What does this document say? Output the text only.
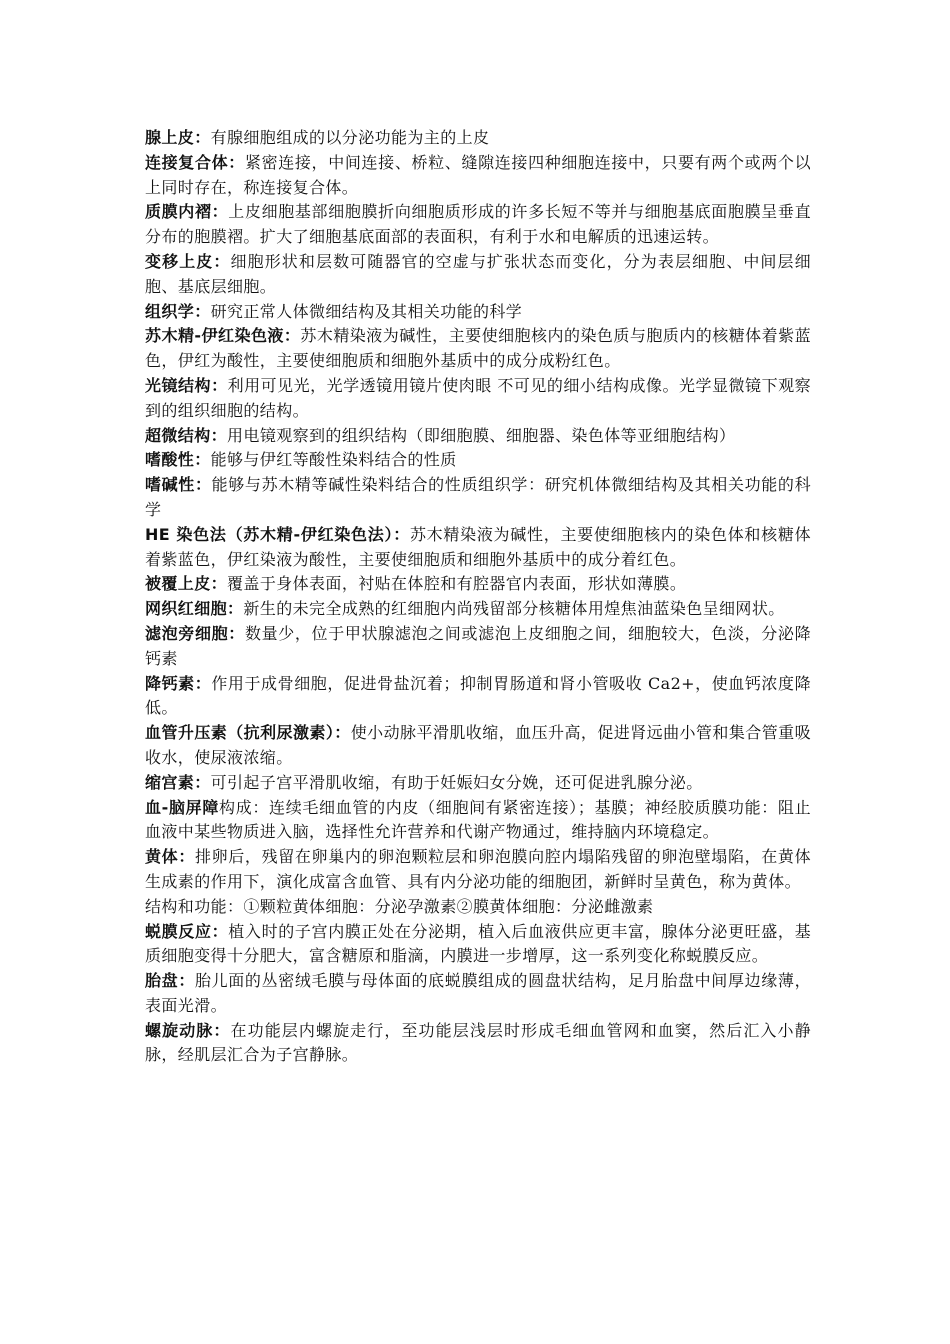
腺上皮：有腺细胞组成的以分泌功能为主的上皮

连接复合体：紧密连接，中间连接、桥粒、缝隙连接四种细胞连接中，只要有两个或两个以上同时存在，称连接复合体。

质膜内褶：上皮细胞基部细胞膜折向细胞质形成的许多长短不等并与细胞基底面胞膜呈垂直分布的胞膜褶。扩大了细胞基底面部的表面积，有利于水和电解质的迅速运转。

变移上皮：细胞形状和层数可随器官的空虚与扩张状态而变化，分为表层细胞、中间层细胞、基底层细胞。

组织学：研究正常人体微细结构及其相关功能的科学

苏木精-伊红染色液：苏木精染液为碱性，主要使细胞核内的染色质与胞质内的核糖体着紫蓝色，伊红为酸性，主要使细胞质和细胞外基质中的成分成粉红色。

光镜结构：利用可见光，光学透镜用镜片使肉眼 不可见的细小结构成像。光学显微镜下观察到的组织细胞的结构。

超微结构：用电镜观察到的组织结构（即细胞膜、细胞器、染色体等亚细胞结构）

嗜酸性：能够与伊红等酸性染料结合的性质

嗜碱性：能够与苏木精等碱性染料结合的性质组织学：研究机体微细结构及其相关功能的科学

HE 染色法（苏木精-伊红染色法）：苏木精染液为碱性，主要使细胞核内的染色体和核糖体着紫蓝色，伊红染液为酸性，主要使细胞质和细胞外基质中的成分着红色。

被覆上皮：覆盖于身体表面，衬贴在体腔和有腔器官内表面，形状如薄膜。

网织红细胞：新生的未完全成熟的红细胞内尚残留部分核糖体用煌焦油蓝染色呈细网状。

滤泡旁细胞：数量少，位于甲状腺滤泡之间或滤泡上皮细胞之间，细胞较大，色淡，分泌降钙素

降钙素：作用于成骨细胞，促进骨盐沉着；抑制胃肠道和肾小管吸收 Ca2+，使血钙浓度降低。

血管升压素（抗利尿激素）：使小动脉平滑肌收缩，血压升高，促进肾远曲小管和集合管重吸收水，使尿液浓缩。

缩宫素：可引起子宫平滑肌收缩，有助于妊娠妇女分娩，还可促进乳腺分泌。

血-脑屏障构成：连续毛细血管的内皮（细胞间有紧密连接）；基膜；神经胶质膜功能：阻止血液中某些物质进入脑，选择性允许营养和代谢产物通过，维持脑内环境稳定。

黄体：排卵后，残留在卵巢内的卵泡颗粒层和卵泡膜向腔内塌陷残留的卵泡壁塌陷，在黄体生成素的作用下，演化成富含血管、具有内分泌功能的细胞团，新鲜时呈黄色，称为黄体。

结构和功能：①颗粒黄体细胞：分泌孕激素②膜黄体细胞：分泌雌激素

蜕膜反应：植入时的子宫内膜正处在分泌期，植入后血液供应更丰富，腺体分泌更旺盛，基质细胞变得十分肥大，富含糖原和脂滴，内膜进一步增厚，这一系列变化称蜕膜反应。

胎盘：胎儿面的丛密绒毛膜与母体面的底蜕膜组成的圆盘状结构，足月胎盘中间厚边缘薄，表面光滑。

螺旋动脉：在功能层内螺旋走行，至功能层浅层时形成毛细血管网和血窦，然后汇入小静脉，经肌层汇合为子宫静脉。
